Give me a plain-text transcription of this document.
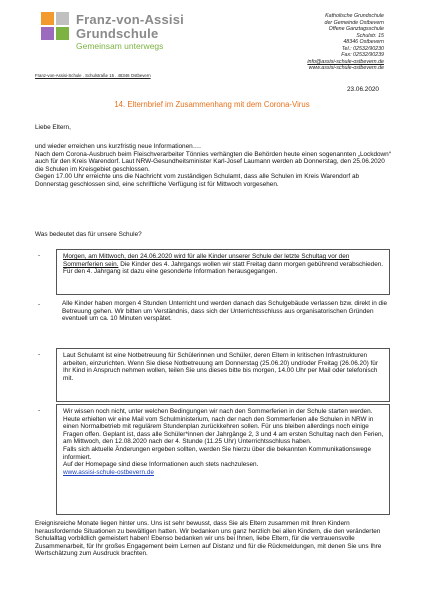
Franz-von-Assisi
Grundschule
Gemeinsam unterwegs
Franz-von-Assisi-Schule . Schulstraße 15 . 48346 Ostbevern
Katholische Grundschule
der Gemeinde Ostbevern
Offene Ganztagsschule
Schulstr. 15
48346 Ostbevern
Tel.: 02532/90230
Fax: 02532/90239
info@assisi-schule-ostbevern.de
www.assisi-schule-ostbevern.de
23.06.2020
14. Elternbrief im Zusammenhang mit dem Corona-Virus

Liebe Eltern,

und wieder erreichen uns kurzfristig neue Informationen….

Nach dem Corona-Ausbruch beim Fleischverarbeiter Tönnies verhängten die Behörden heute einen sogenannten „Lockdown“ auch für den Kreis Warendorf. Laut NRW-Gesundheitsminister Karl-Josef Laumann werden ab Donnerstag, den 25.06.2020 die Schulen im Kreisgebiet geschlossen.

Gegen 17.00 Uhr erreichte uns die Nachricht vom zuständigen Schulamt, dass alle Schulen im Kreis Warendorf ab Donnerstag geschlossen sind, eine schriftliche Verfügung ist für Mittwoch vorgesehen.

Was bedeutet das für unsere Schule?

-	Morgen, am Mittwoch, den 24.06.2020 wird für alle Kinder unserer Schule der letzte Schultag vor den Sommerferien sein. Die Kinder des 4. Jahrgangs wollen wir statt Freitag dann morgen gebührend verabschieden. Für den 4. Jahrgang ist dazu eine gesonderte Information herausgegangen.
-	Alle Kinder haben morgen 4 Stunden Unterricht und werden danach das Schulgebäude verlassen bzw. direkt in die Betreuung gehen. Wir bitten um Verständnis, dass sich der Unterrichtsschluss aus organisatorischen Gründen eventuell um ca. 10 Minuten verspätet.
-	Laut Schulamt ist eine Notbetreuung für Schülerinnen und Schüler, deren Eltern in kritischen Infrastrukturen arbeiten, einzurichten. Wenn Sie diese Notbetreuung am Donnerstag (25.06.20) und/oder Freitag (26.06.20) für Ihr Kind in Anspruch nehmen wollen, teilen Sie uns dieses bitte bis morgen, 14.00 Uhr per Mail oder telefonisch mit.
-	Wir wissen noch nicht, unter welchen Bedingungen wir nach den Sommerferien in der Schule starten werden. Heute erhielten wir eine Mail vom Schulministerium, nach der nach den Sommerferien alle Schulen in NRW in einen Normalbetrieb mit regulärem Stundenplan zurückkehren sollen. Für uns bleiben allerdings noch einige Fragen offen. Geplant ist, dass alle Schüler*innen der Jahrgänge 2, 3 und 4 am ersten Schultag nach den Ferien, am Mittwoch, den 12.08.2020 nach der 4. Stunde (11.25 Uhr) Unterrichtsschluss haben.

Falls sich aktuelle Änderungen ergeben sollten, werden Sie hierzu über die bekannten Kommunikationswege informiert.

Auf der Homepage sind diese Informationen auch stets nachzulesen.

www.assisi-schule-ostbevern.de

Ereignisreiche Monate liegen hinter uns. Uns ist sehr bewusst, dass Sie als Eltern zusammen mit Ihren Kindern herausfordernde Situationen zu bewältigen hatten. Wir bedanken uns ganz herzlich bei allen Kindern, die den veränderten Schulalltag vorbildlich gemeistert haben! Ebenso bedanken wir uns bei Ihnen, liebe Eltern, für die vertrauensvolle Zusammenarbeit, für Ihr großes Engagement beim Lernen auf Distanz und für die Rückmeldungen, mit denen Sie uns Ihre Wertschätzung zum Ausdruck brachten.
